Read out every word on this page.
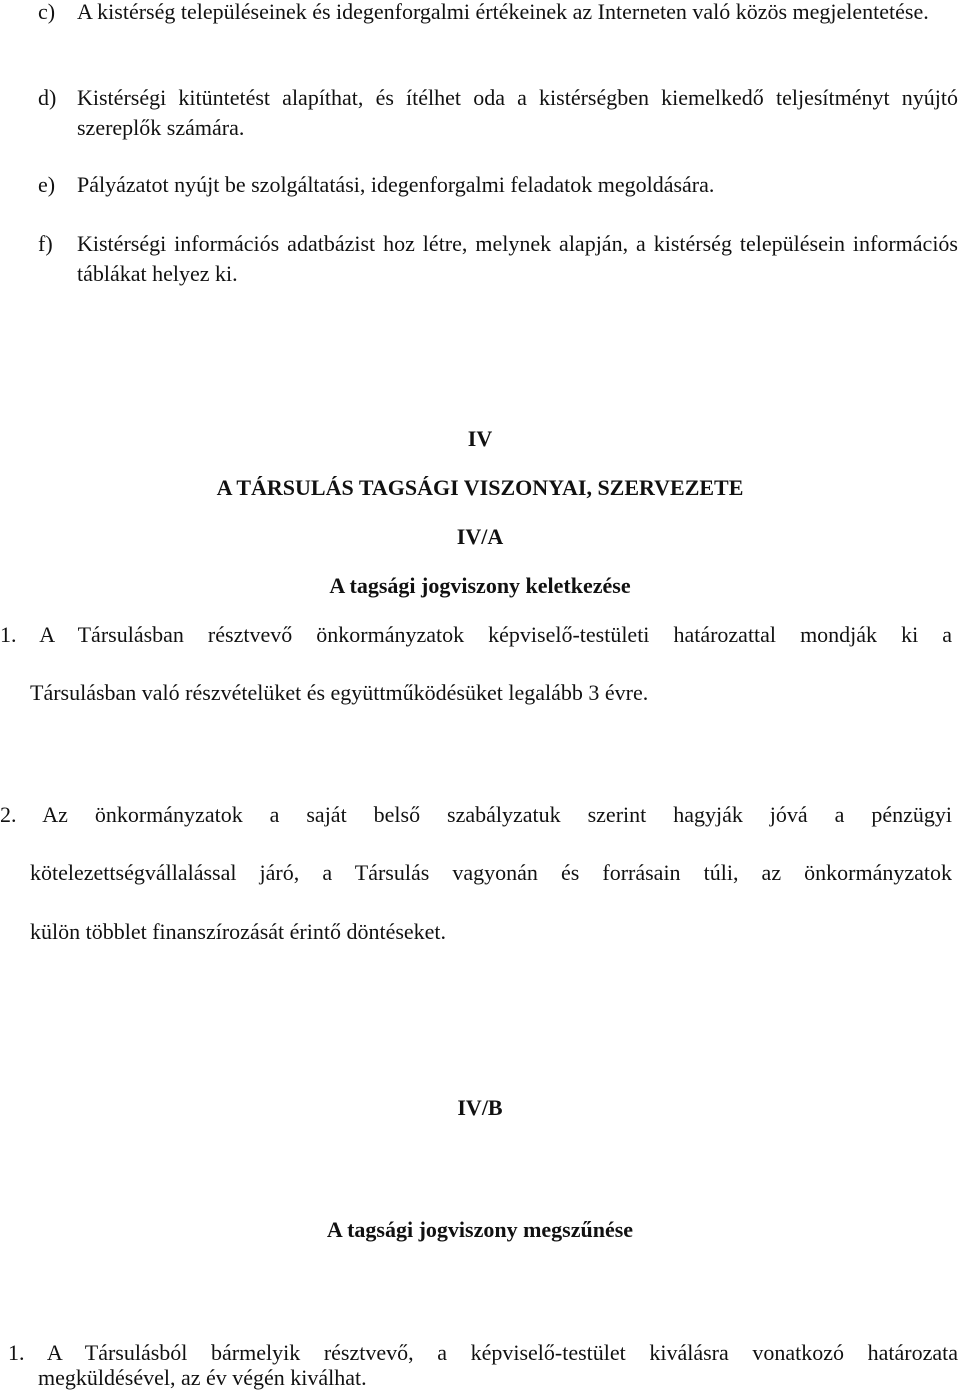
c) A kistérség településeinek és idegenforgalmi értékeinek az Interneten való közös megjelentetése.
d) Kistérségi kitüntetést alapíthat, és ítélhet oda a kistérségben kiemelkedő teljesítményt nyújtó szereplők számára.
e) Pályázatot nyújt be szolgáltatási, idegenforgalmi feladatok megoldására.
f) Kistérségi információs adatbázist hoz létre, melynek alapján, a kistérség településein információs táblákat helyez ki.
IV
A TÁRSULÁS TAGSÁGI VISZONYAI, SZERVEZETE
IV/A
A tagsági jogviszony keletkezése
1. A Társulásban résztvevő önkormányzatok képviselő-testületi határozattal mondják ki a
Társulásban való részvételüket és együttműködésüket legalább 3 évre.
2. Az önkormányzatok a saját belső szabályzatuk szerint hagyják jóvá a pénzügyi
kötelezettségvállalással járó, a Társulás vagyonán és forrásain túli, az önkormányzatok
külön többlet finanszírozását érintő döntéseket.
IV/B
A tagsági jogviszony megszűnése
1. A Társulásból bármelyik résztvevő, a képviselő-testület kiválásra vonatkozó határozata
megküldésével, az év végén kiválhat.
